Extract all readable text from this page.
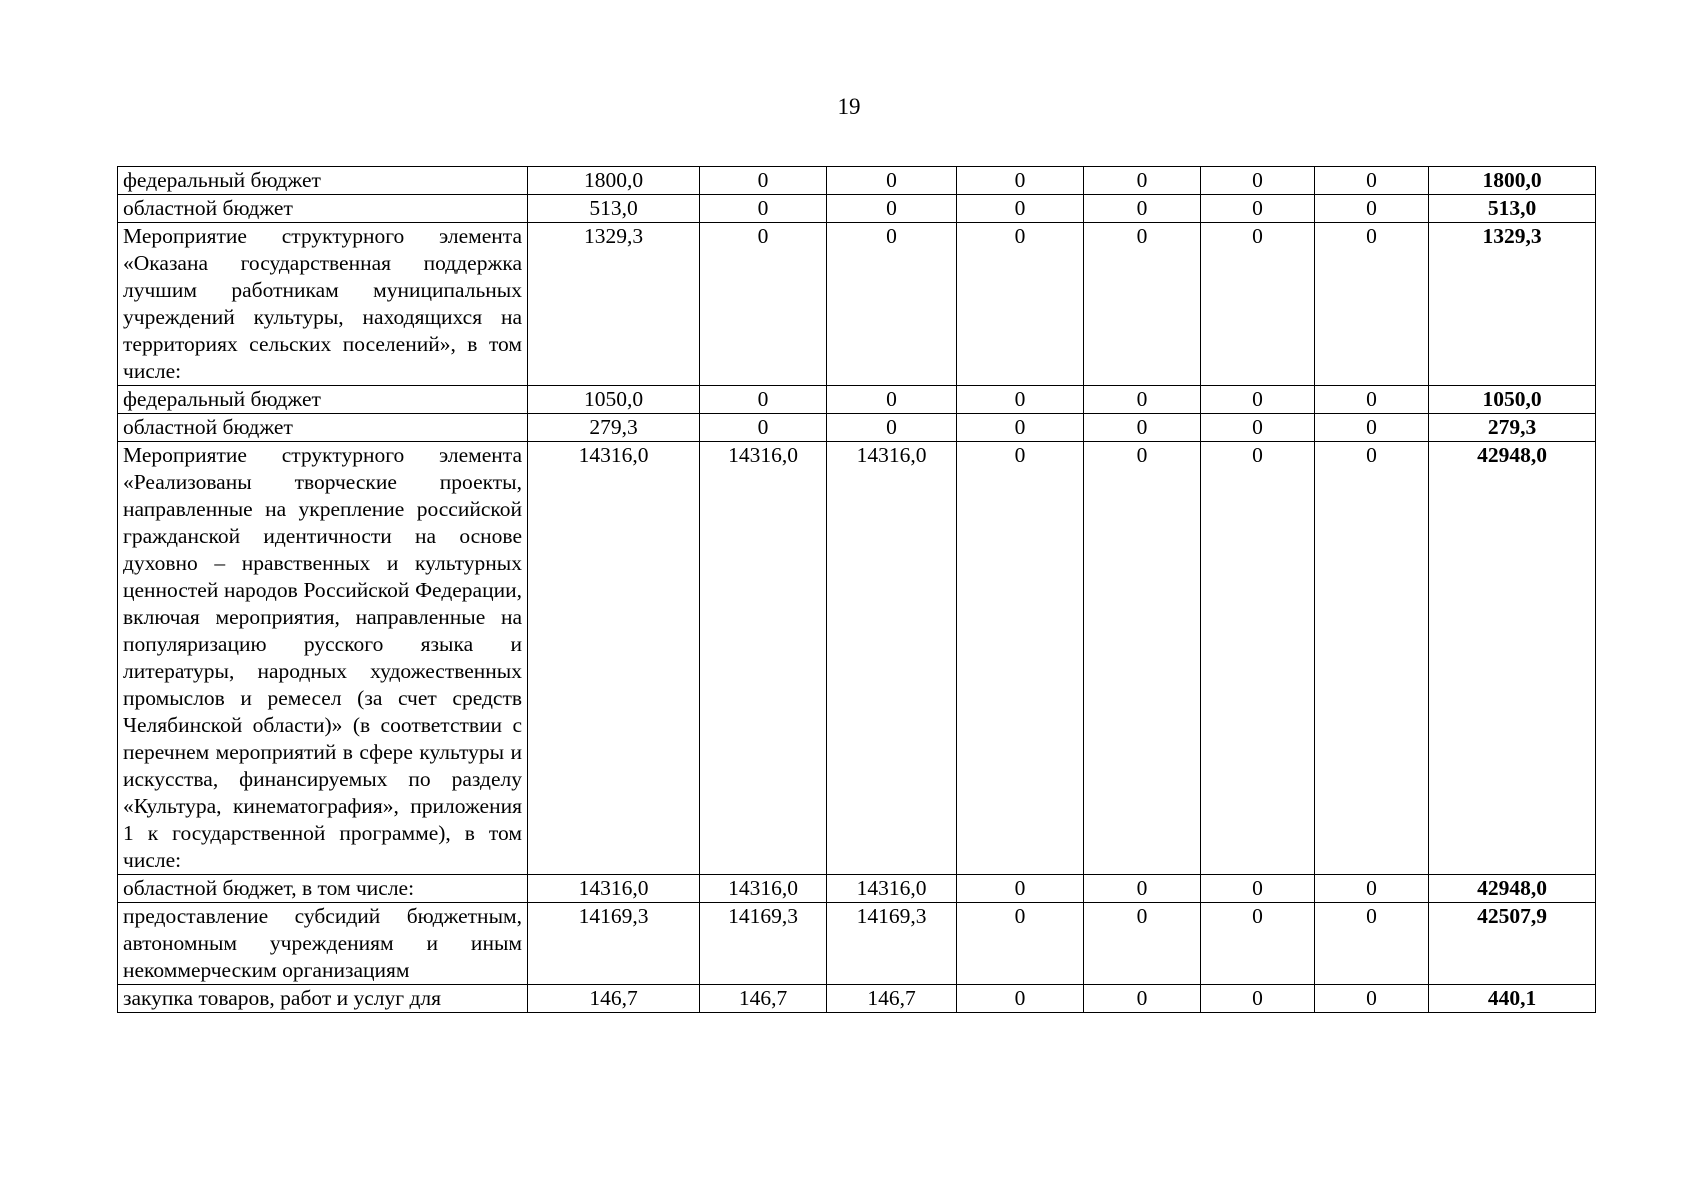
19
федеральный бюджет	1800,0	0	0	0	0	0	0	1800,0
областной бюджет	513,0	0	0	0	0	0	0	513,0
Мероприятие структурного элемента «Оказана государственная поддержка лучшим работникам муниципальных учреждений культуры, находящихся на территориях сельских поселений», в том числе:	1329,3	0	0	0	0	0	0	1329,3
федеральный бюджет	1050,0	0	0	0	0	0	0	1050,0
областной бюджет	279,3	0	0	0	0	0	0	279,3
Мероприятие структурного элемента «Реализованы творческие проекты, направленные на укрепление российской гражданской идентичности на основе духовно – нравственных и культурных ценностей народов Российской Федерации, включая мероприятия, направленные на популяризацию русского языка и литературы, народных художественных промыслов и ремесел (за счет средств Челябинской области)» (в соответствии с перечнем мероприятий в сфере культуры и искусства, финансируемых по разделу «Культура, кинематография», приложения 1 к государственной программе), в том числе:	14316,0	14316,0	14316,0	0	0	0	0	42948,0
областной бюджет, в том числе:	14316,0	14316,0	14316,0	0	0	0	0	42948,0
предоставление субсидий бюджетным, автономным учреждениям и иным некоммерческим организациям	14169,3	14169,3	14169,3	0	0	0	0	42507,9
закупка товаров, работ и услуг для	146,7	146,7	146,7	0	0	0	0	440,1
